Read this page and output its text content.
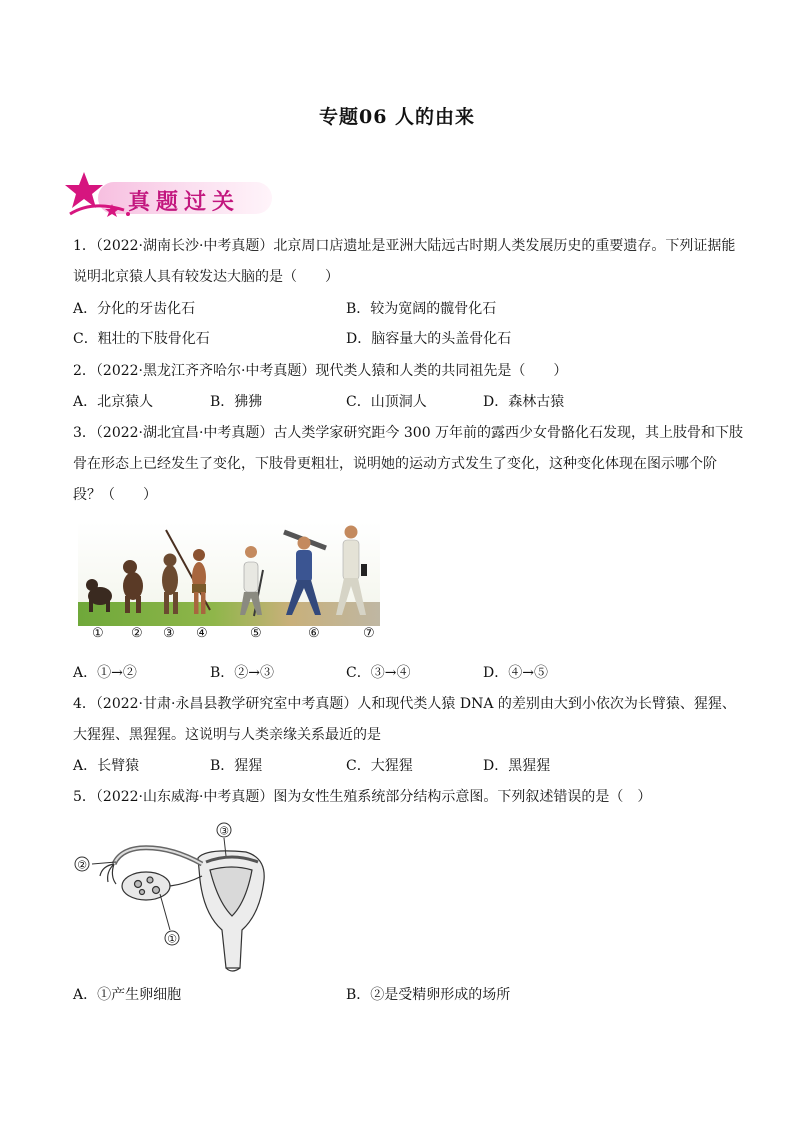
专题06 人的由来
真题过关
1．（2022·湖南长沙·中考真题）北京周口店遗址是亚洲大陆远古时期人类发展历史的重要遗存。下列证据能
说明北京猿人具有较发达大脑的是（　　）
A．分化的牙齿化石	B．较为宽阔的髋骨化石
C．粗壮的下肢骨化石	D．脑容量大的头盖骨化石
2．（2022·黑龙江齐齐哈尔·中考真题）现代类人猿和人类的共同祖先是（　　）
A．北京猿人	B．狒狒	C．山顶洞人	D．森林古猿
3．（2022·湖北宜昌·中考真题）古人类学家研究距今 300 万年前的露西少女骨骼化石发现，其上肢骨和下肢
骨在形态上已经发生了变化，下肢骨更粗壮，说明她的运动方式发生了变化，这种变化体现在图示哪个阶
段？（　　）
① ② ③ ④	⑤	⑥	⑦
A．①→②	B．②→③	C．③→④	D．④→⑤
4．（2022·甘肃·永昌县教学研究室中考真题）人和现代类人猿 DNA 的差别由大到小依次为长臂猿、猩猩、
大猩猩、黑猩猩。这说明与人类亲缘关系最近的是
A．长臂猿	B．猩猩	C．大猩猩	D．黑猩猩
5．（2022·山东威海·中考真题）图为女性生殖系统部分结构示意图。下列叙述错误的是（　）
③
②
①
A．①产生卵细胞	B．②是受精卵形成的场所
